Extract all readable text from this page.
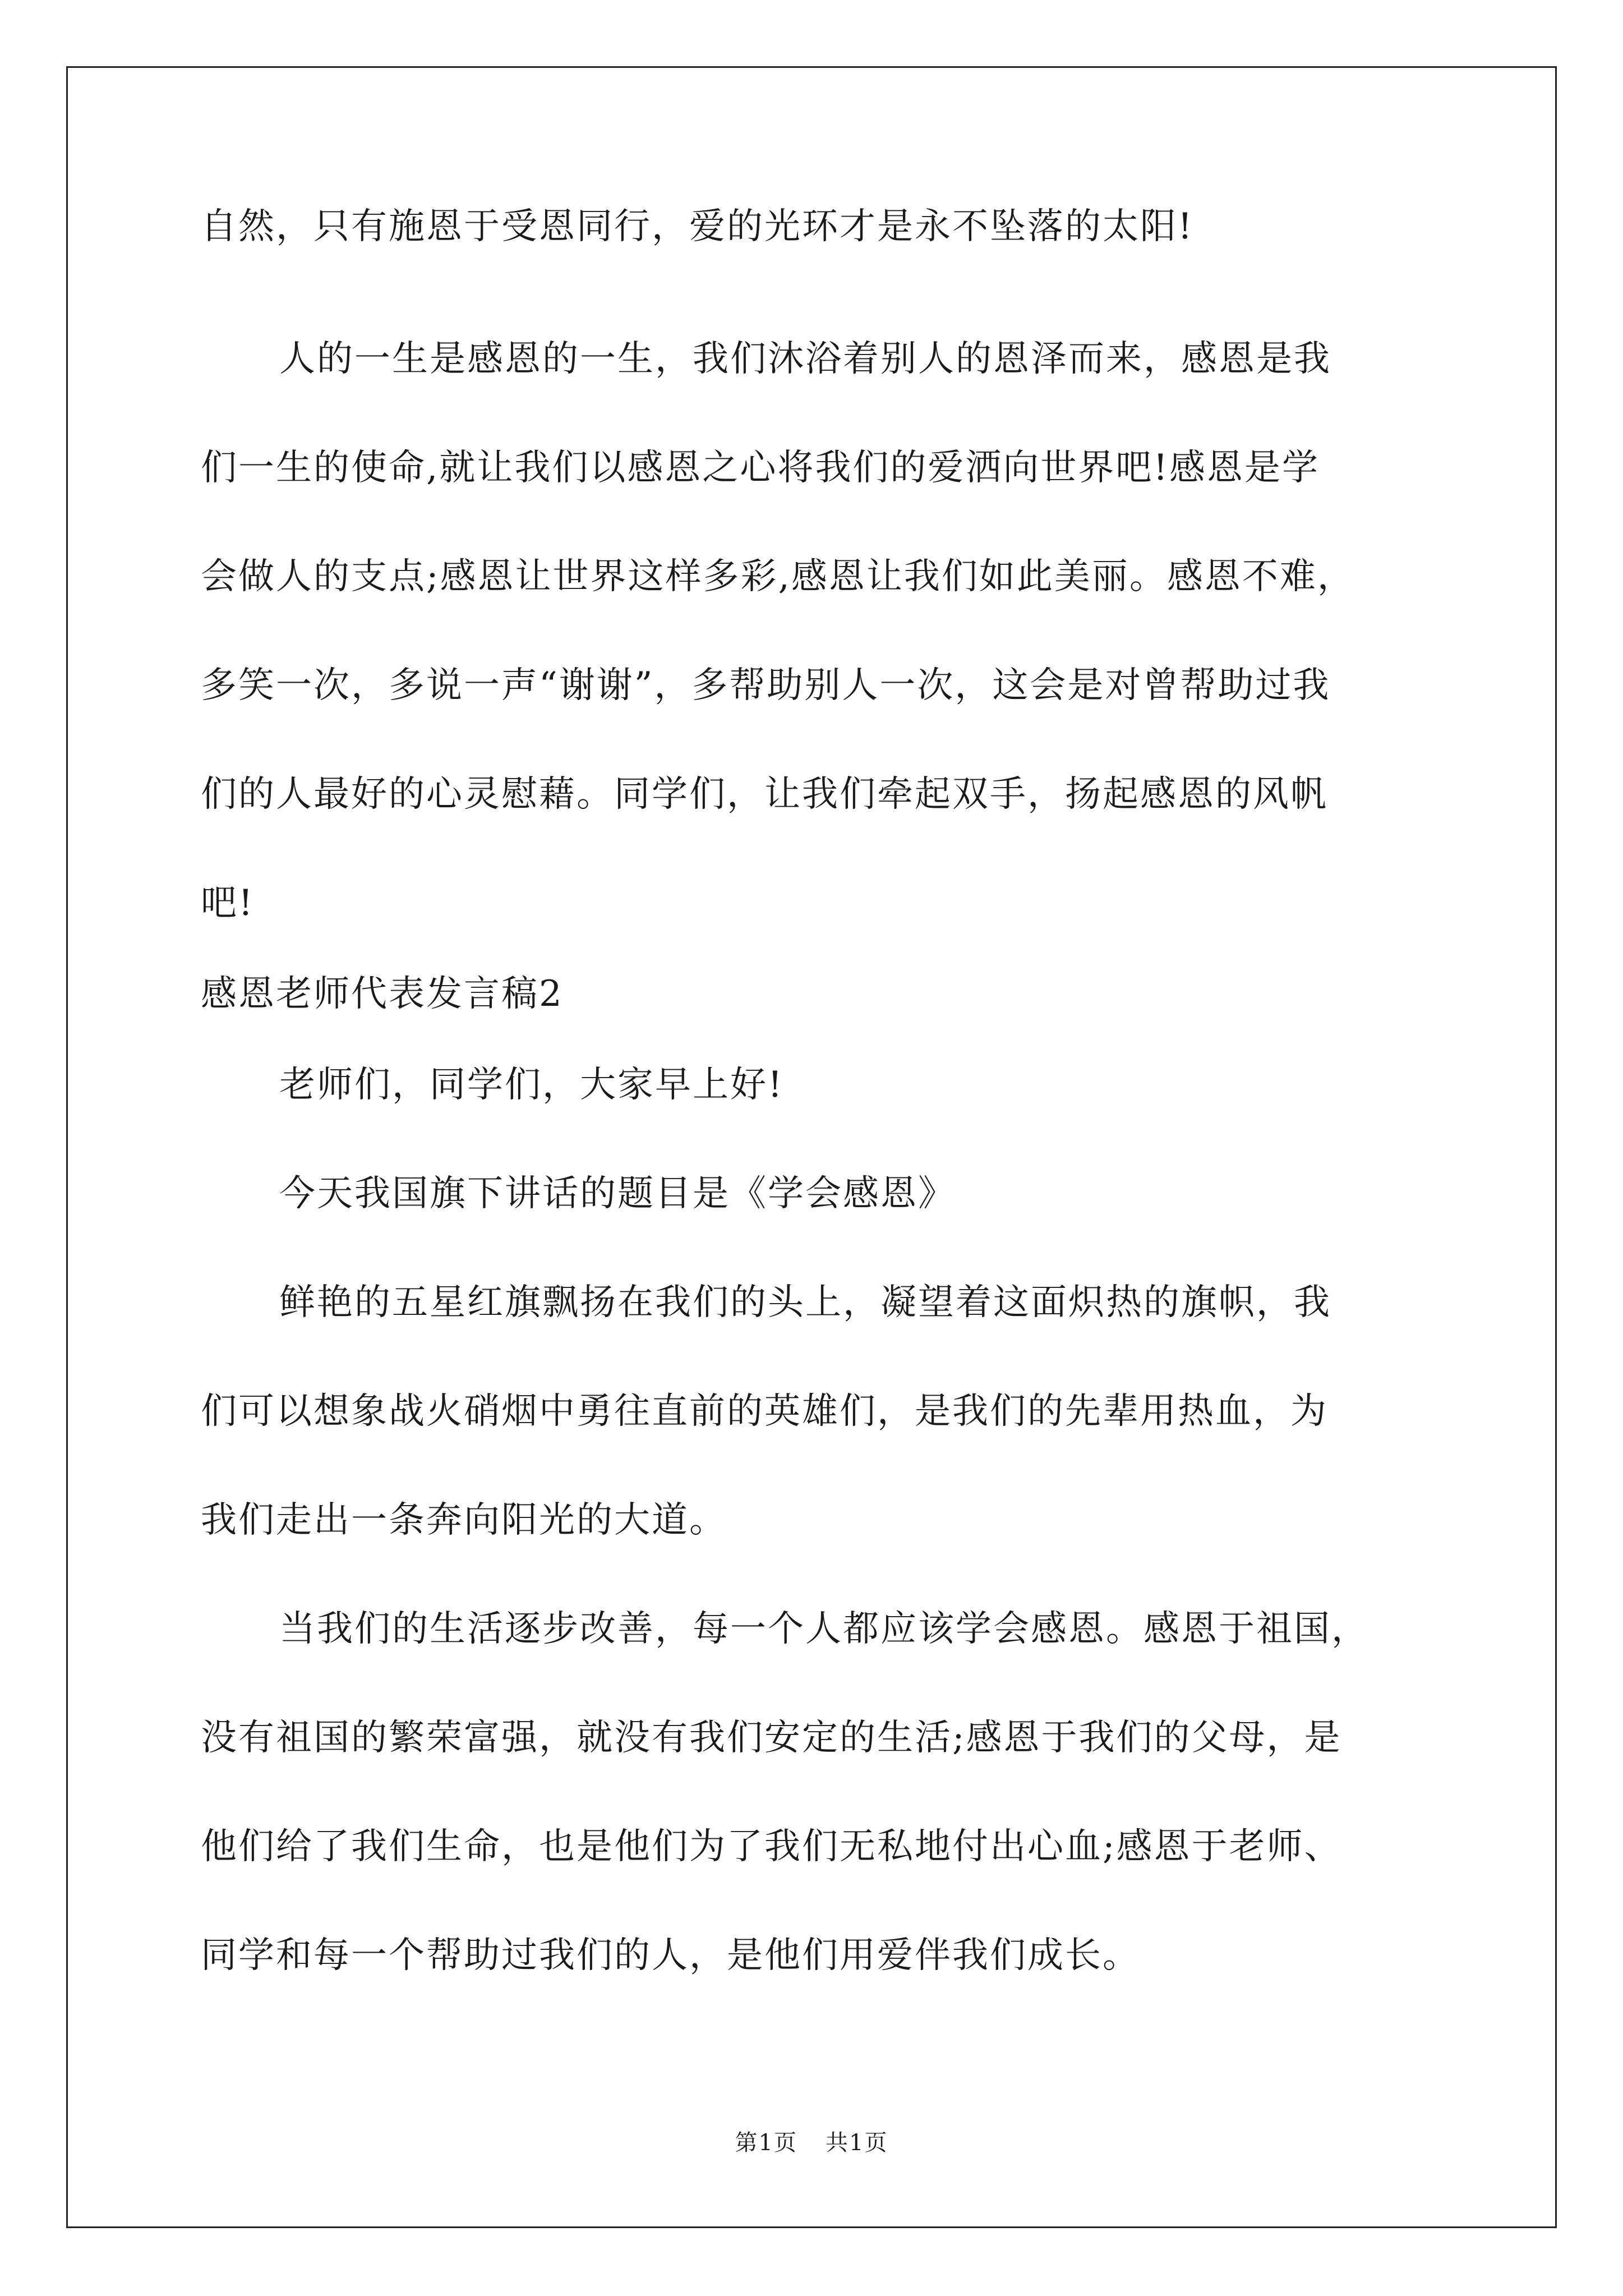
自然，只有施恩于受恩同行，爱的光环才是永不坠落的太阳!
人的一生是感恩的一生，我们沐浴着别人的恩泽而来，感恩是我
们一生的使命,就让我们以感恩之心将我们的爱洒向世界吧!感恩是学
会做人的支点;感恩让世界这样多彩,感恩让我们如此美丽。感恩不难，
多笑一次，多说一声“谢谢”，多帮助别人一次，这会是对曾帮助过我
们的人最好的心灵慰藉。同学们，让我们牵起双手，扬起感恩的风帆
吧!
感恩老师代表发言稿2
老师们，同学们，大家早上好!
今天我国旗下讲话的题目是《学会感恩》
鲜艳的五星红旗飘扬在我们的头上，凝望着这面炽热的旗帜，我
们可以想象战火硝烟中勇往直前的英雄们，是我们的先辈用热血，为
我们走出一条奔向阳光的大道。
当我们的生活逐步改善，每一个人都应该学会感恩。感恩于祖国，
没有祖国的繁荣富强，就没有我们安定的生活;感恩于我们的父母，是
他们给了我们生命，也是他们为了我们无私地付出心血;感恩于老师、
同学和每一个帮助过我们的人，是他们用爱伴我们成长。
第1页 共1页
